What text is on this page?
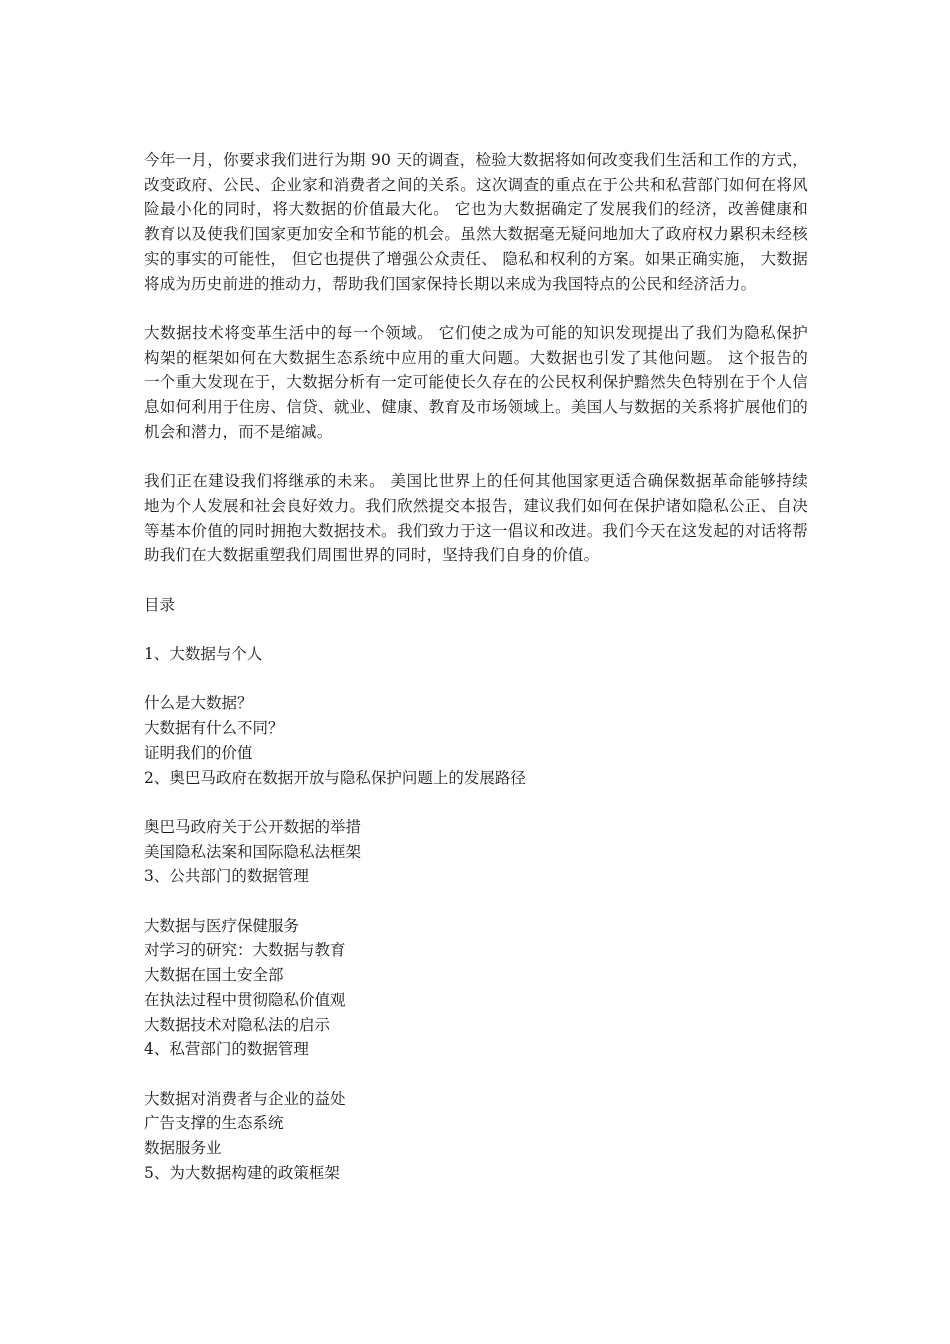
今年一月，你要求我们进行为期 90 天的调查，检验大数据将如何改变我们生活和工作的方式，改变政府、公民、企业家和消费者之间的关系。这次调查的重点在于公共和私营部门如何在将风险最小化的同时，将大数据的价值最大化。 它也为大数据确定了发展我们的经济，改善健康和教育以及使我们国家更加安全和节能的机会。虽然大数据毫无疑问地加大了政府权力累积未经核实的事实的可能性， 但它也提供了增强公众责任、 隐私和权利的方案。如果正确实施， 大数据将成为历史前进的推动力，帮助我们国家保持长期以来成为我国特点的公民和经济活力。

大数据技术将变革生活中的每一个领域。 它们使之成为可能的知识发现提出了我们为隐私保护构架的框架如何在大数据生态系统中应用的重大问题。大数据也引发了其他问题。 这个报告的一个重大发现在于，大数据分析有一定可能使长久存在的公民权利保护黯然失色特别在于个人信息如何利用于住房、信贷、就业、健康、教育及市场领域上。美国人与数据的关系将扩展他们的机会和潜力，而不是缩减。

我们正在建设我们将继承的未来。 美国比世界上的任何其他国家更适合确保数据革命能够持续地为个人发展和社会良好效力。我们欣然提交本报告，建议我们如何在保护诸如隐私公正、自决等基本价值的同时拥抱大数据技术。我们致力于这一倡议和改进。我们今天在这发起的对话将帮助我们在大数据重塑我们周围世界的同时，坚持我们自身的价值。

目录

1、大数据与个人

什么是大数据？

大数据有什么不同？

证明我们的价值

2、奥巴马政府在数据开放与隐私保护问题上的发展路径

奥巴马政府关于公开数据的举措

美国隐私法案和国际隐私法框架

3、公共部门的数据管理

大数据与医疗保健服务

对学习的研究：大数据与教育

大数据在国土安全部

在执法过程中贯彻隐私价值观

大数据技术对隐私法的启示

4、私营部门的数据管理

大数据对消费者与企业的益处

广告支撑的生态系统

数据服务业

5、为大数据构建的政策框架
